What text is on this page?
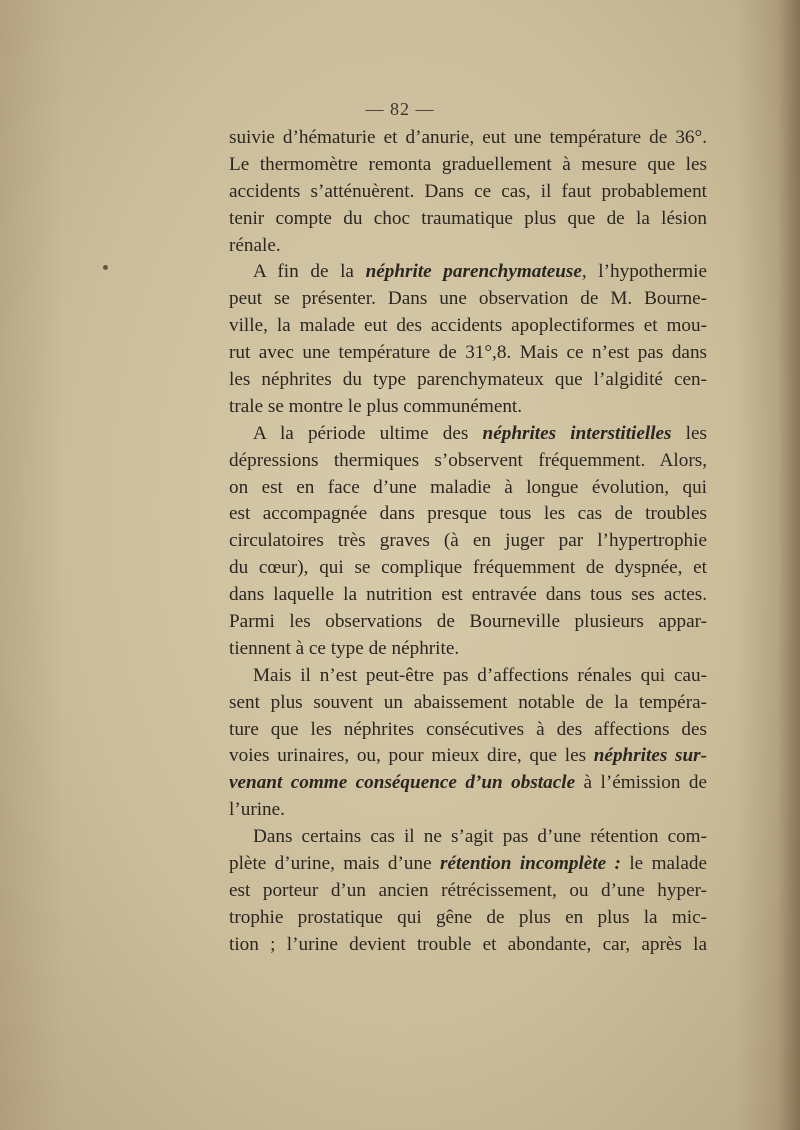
— 82 —
suivie d’hématurie et d’anurie, eut une température de 36°.
Le thermomètre remonta graduellement à mesure que les
accidents s’atténuèrent. Dans ce cas, il faut probablement
tenir compte du choc traumatique plus que de la lésion
rénale.
A fin de la néphrite parenchymateuse, l’hypothermie
peut se présenter. Dans une observation de M. Bourne-
ville, la malade eut des accidents apoplectiformes et mou-
rut avec une température de 31°,8. Mais ce n’est pas dans
les néphrites du type parenchymateux que l’algidité cen-
trale se montre le plus communément.
A la période ultime des néphrites interstitielles les
dépressions thermiques s’observent fréquemment. Alors,
on est en face d’une maladie à longue évolution, qui
est accompagnée dans presque tous les cas de troubles
circulatoires très graves (à en juger par l’hypertrophie
du cœur), qui se complique fréquemment de dyspnée, et
dans laquelle la nutrition est entravée dans tous ses actes.
Parmi les observations de Bourneville plusieurs appar-
tiennent à ce type de néphrite.
Mais il n’est peut-être pas d’affections rénales qui cau-
sent plus souvent un abaissement notable de la tempéra-
ture que les néphrites consécutives à des affections des
voies urinaires, ou, pour mieux dire, que les néphrites sur-
venant comme conséquence d’un obstacle à l’émission de
l’urine.
Dans certains cas il ne s’agit pas d’une rétention com-
plète d’urine, mais d’une rétention incomplète : le malade
est porteur d’un ancien rétrécissement, ou d’une hyper-
trophie prostatique qui gêne de plus en plus la mic-
tion ; l’urine devient trouble et abondante, car, après la
